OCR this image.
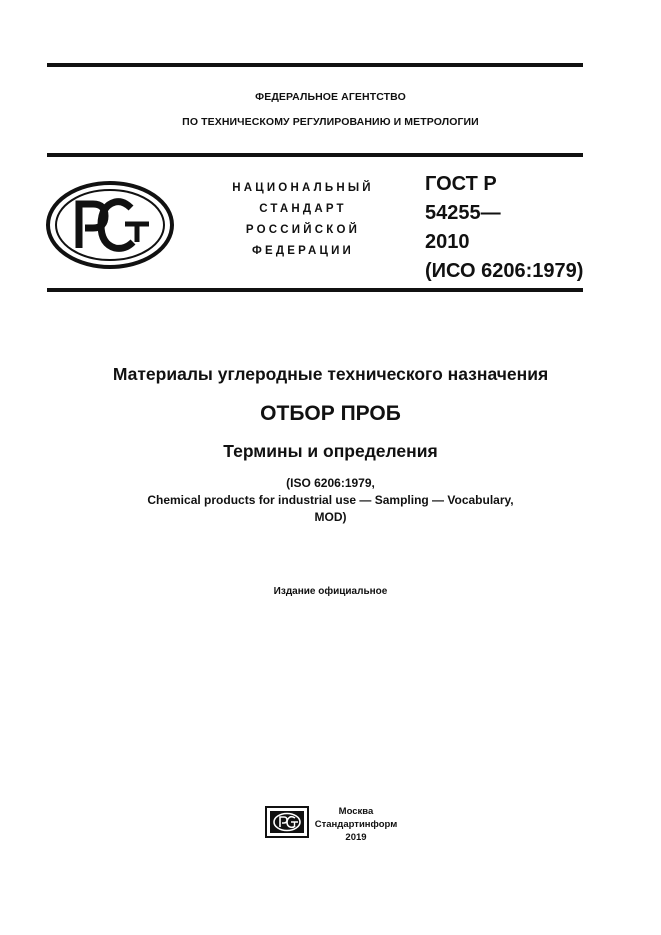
ФЕДЕРАЛЬНОЕ АГЕНТСТВО
ПО ТЕХНИЧЕСКОМУ РЕГУЛИРОВАНИЮ И МЕТРОЛОГИИ
НАЦИОНАЛЬНЫЙ
СТАНДАРТ
РОССИЙСКОЙ
ФЕДЕРАЦИИ
ГОСТ Р
54255—
2010
(ИСО 6206:1979)
Материалы углеродные технического назначения
ОТБОР ПРОБ
Термины и определения
(ISO 6206:1979,
Chemical products for industrial use — Sampling — Vocabulary,
MOD)
Издание официальное
Москва
Стандартинформ
2019
